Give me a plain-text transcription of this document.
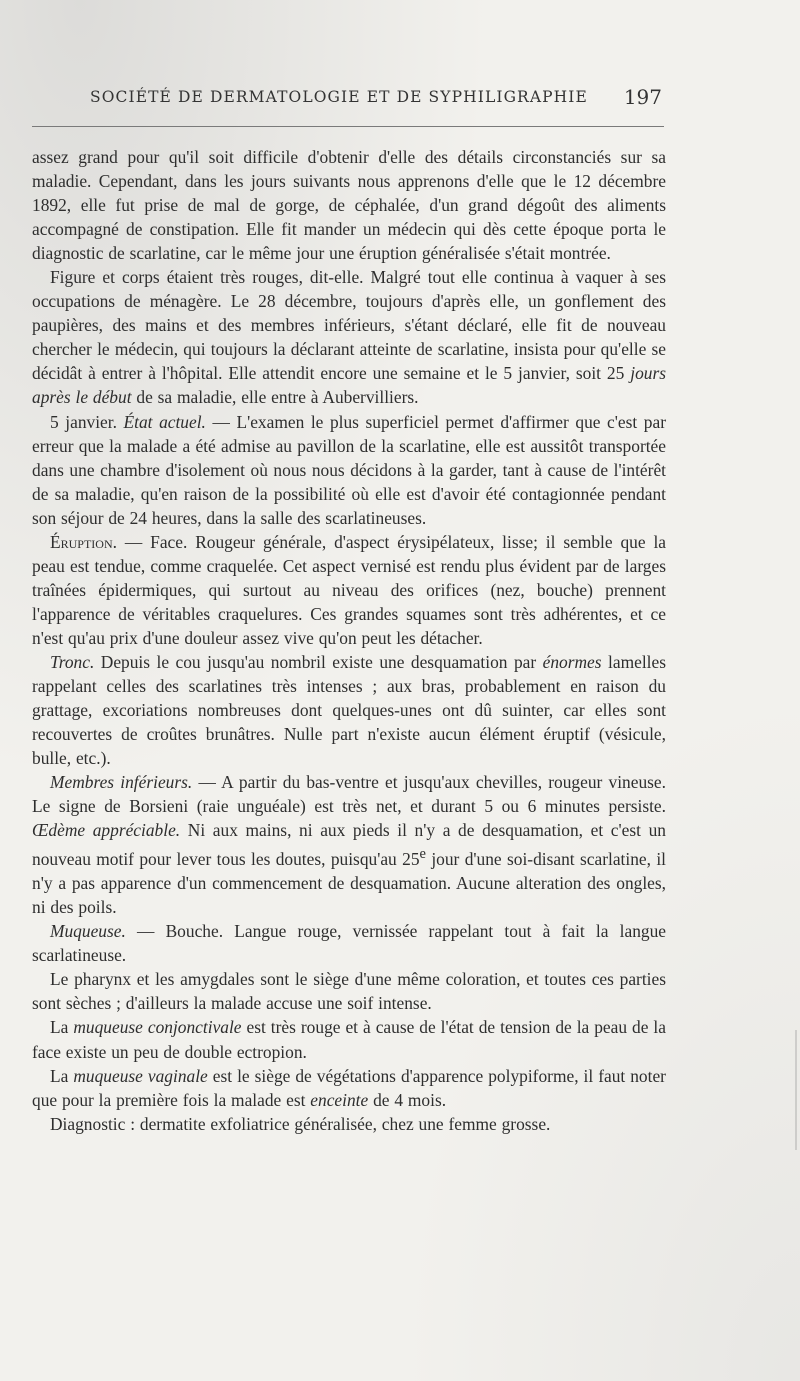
SOCIÉTÉ DE DERMATOLOGIE ET DE SYPHILIGRAPHIE 197

assez grand pour qu'il soit difficile d'obtenir d'elle des détails circonstanciés sur sa maladie. Cependant, dans les jours suivants nous apprenons d'elle que le 12 décembre 1892, elle fut prise de mal de gorge, de céphalée, d'un grand dégoût des aliments accompagné de constipation. Elle fit mander un médecin qui dès cette époque porta le diagnostic de scarlatine, car le même jour une éruption généralisée s'était montrée.

Figure et corps étaient très rouges, dit-elle. Malgré tout elle continua à vaquer à ses occupations de ménagère. Le 28 décembre, toujours d'après elle, un gonflement des paupières, des mains et des membres inférieurs, s'étant déclaré, elle fit de nouveau chercher le médecin, qui toujours la déclarant atteinte de scarlatine, insista pour qu'elle se décidât à entrer à l'hôpital. Elle attendit encore une semaine et le 5 janvier, soit 25 jours après le début de sa maladie, elle entre à Aubervilliers.

5 janvier. État actuel. — L'examen le plus superficiel permet d'affirmer que c'est par erreur que la malade a été admise au pavillon de la scarlatine, elle est aussitôt transportée dans une chambre d'isolement où nous nous décidons à la garder, tant à cause de l'intérêt de sa maladie, qu'en raison de la possibilité où elle est d'avoir été contagionnée pendant son séjour de 24 heures, dans la salle des scarlatineuses.

Éruption. — Face. Rougeur générale, d'aspect érysipélateux, lisse; il semble que la peau est tendue, comme craquelée. Cet aspect vernisé est rendu plus évident par de larges traînées épidermiques, qui surtout au niveau des orifices (nez, bouche) prennent l'apparence de véritables craquelures. Ces grandes squames sont très adhérentes, et ce n'est qu'au prix d'une douleur assez vive qu'on peut les détacher.

Tronc. Depuis le cou jusqu'au nombril existe une desquamation par énormes lamelles rappelant celles des scarlatines très intenses ; aux bras, probablement en raison du grattage, excoriations nombreuses dont quelques-unes ont dû suinter, car elles sont recouvertes de croûtes brunâtres. Nulle part n'existe aucun élément éruptif (vésicule, bulle, etc.).

Membres inférieurs. — A partir du bas-ventre et jusqu'aux chevilles, rougeur vineuse. Le signe de Borsieni (raie unguéale) est très net, et durant 5 ou 6 minutes persiste. Œdème appréciable. Ni aux mains, ni aux pieds il n'y a de desquamation, et c'est un nouveau motif pour lever tous les doutes, puisqu'au 25e jour d'une soi-disant scarlatine, il n'y a pas apparence d'un commencement de desquamation. Aucune alteration des ongles, ni des poils.

Muqueuse. — Bouche. Langue rouge, vernissée rappelant tout à fait la langue scarlatineuse.

Le pharynx et les amygdales sont le siège d'une même coloration, et toutes ces parties sont sèches ; d'ailleurs la malade accuse une soif intense.

La muqueuse conjonctivale est très rouge et à cause de l'état de tension de la peau de la face existe un peu de double ectropion.

La muqueuse vaginale est le siège de végétations d'apparence polypiforme, il faut noter que pour la première fois la malade est enceinte de 4 mois.

Diagnostic : dermatite exfoliatrice généralisée, chez une femme grosse.
